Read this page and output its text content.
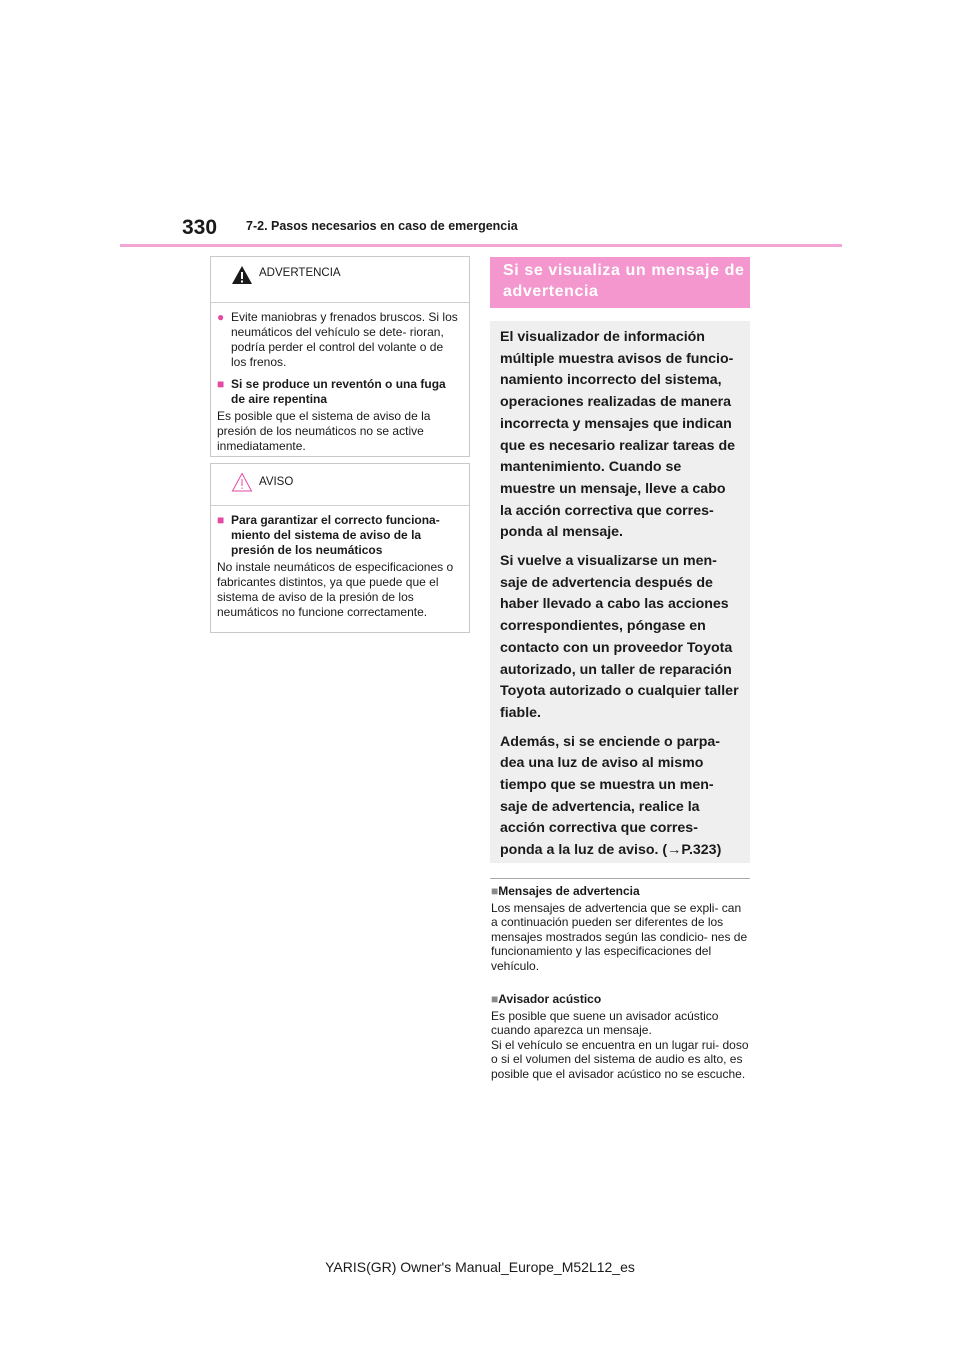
330 7-2. Pasos necesarios en caso de emergencia
ADVERTENCIA
● Evite maniobras y frenados bruscos. Si los neumáticos del vehículo se dete- rioran, podría perder el control del volante o de los frenos.
■ Si se produce un reventón o una fuga de aire repentina
Es posible que el sistema de aviso de la presión de los neumáticos no se active inmediatamente.
AVISO
■ Para garantizar el correcto funciona- miento del sistema de aviso de la presión de los neumáticos
No instale neumáticos de especificaciones o fabricantes distintos, ya que puede que el sistema de aviso de la presión de los neumáticos no funcione correctamente.
Si se visualiza un mensaje de advertencia

El visualizador de información múltiple muestra avisos de funcio- namiento incorrecto del sistema, operaciones realizadas de manera incorrecta y mensajes que indican que es necesario realizar tareas de mantenimiento. Cuando se muestre un mensaje, lleve a cabo la acción correctiva que corres- ponda al mensaje.

Si vuelve a visualizarse un men- saje de advertencia después de haber llevado a cabo las acciones correspondientes, póngase en contacto con un proveedor Toyota autorizado, un taller de reparación Toyota autorizado o cualquier taller fiable.

Además, si se enciende o parpa- dea una luz de aviso al mismo tiempo que se muestra un men- saje de advertencia, realice la acción correctiva que corres- ponda a la luz de aviso. (→P.323)

■Mensajes de advertencia
Los mensajes de advertencia que se expli- can a continuación pueden ser diferentes de los mensajes mostrados según las condicio- nes de funcionamiento y las especificaciones del vehículo.
■Avisador acústico
Es posible que suene un avisador acústico cuando aparezca un mensaje.
Si el vehículo se encuentra en un lugar rui- doso o si el volumen del sistema de audio es alto, es posible que el avisador acústico no se escuche.
YARIS(GR) Owner's Manual_Europe_M52L12_es
